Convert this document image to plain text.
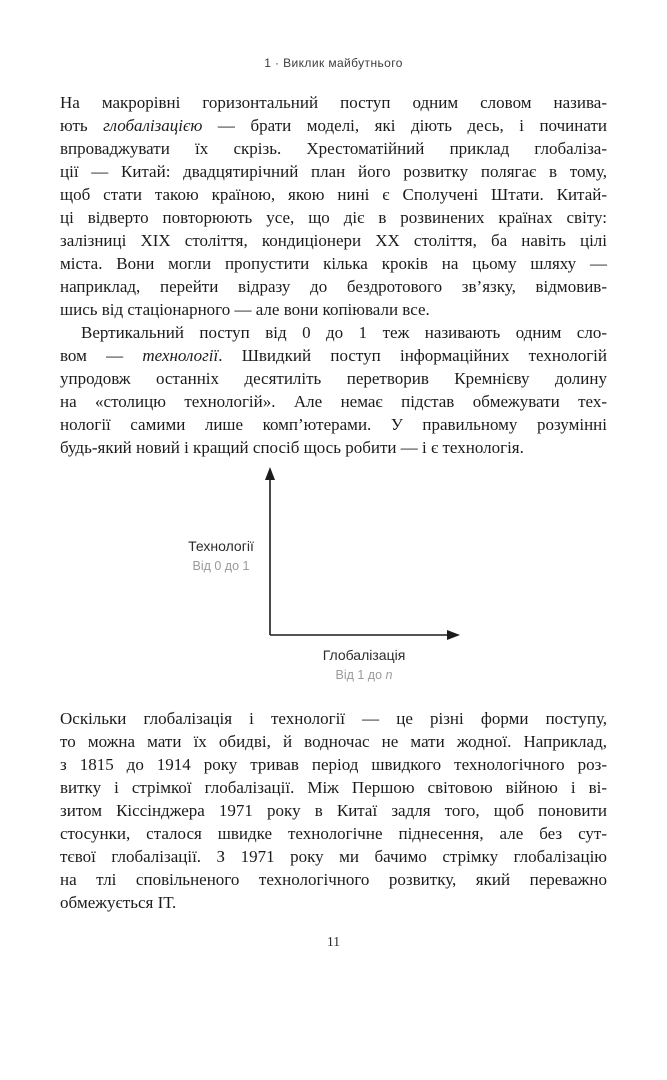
1 · Виклик майбутнього
На макрорівні горизонтальний поступ одним словом назива-
ють глобалізацією — брати моделі, які діють десь, і починати
впроваджувати їх скрізь. Хрестоматійний приклад глобаліза-
ції — Китай: двадцятирічний план його розвитку полягає в тому,
щоб стати такою країною, якою нині є Сполучені Штати. Китай-
ці відверто повторюють усе, що діє в розвинених країнах світу:
залізниці XIX століття, кондиціонери XX століття, ба навіть цілі
міста. Вони могли пропустити кілька кроків на цьому шляху —
наприклад, перейти відразу до бездротового зв’язку, відмовив-
шись від стаціонарного — але вони копіювали все.
Вертикальний поступ від 0 до 1 теж називають одним сло-
вом — технології. Швидкий поступ інформаційних технологій
упродовж останніх десятиліть перетворив Кремнієву долину
на «столицю технологій». Але немає підстав обмежувати тех-
нології самими лише комп’ютерами. У правильному розумінні
будь-який новий і кращий спосіб щось робити — і є технологія.
Технології
Від 0 до 1
Глобалізація
Від 1 до n
Оскільки глобалізація і технології — це різні форми поступу,
то можна мати їх обидві, й водночас не мати жодної. Наприклад,
з 1815 до 1914 року тривав період швидкого технологічного роз-
витку і стрімкої глобалізації. Між Першою світовою війною і ві-
зитом Кіссінджера 1971 року в Китаї задля того, щоб поновити
стосунки, сталося швидке технологічне піднесення, але без сут-
тєвої глобалізації. З 1971 року ми бачимо стрімку глобалізацію
на тлі сповільненого технологічного розвитку, який переважно
обмежується ІТ.
11
